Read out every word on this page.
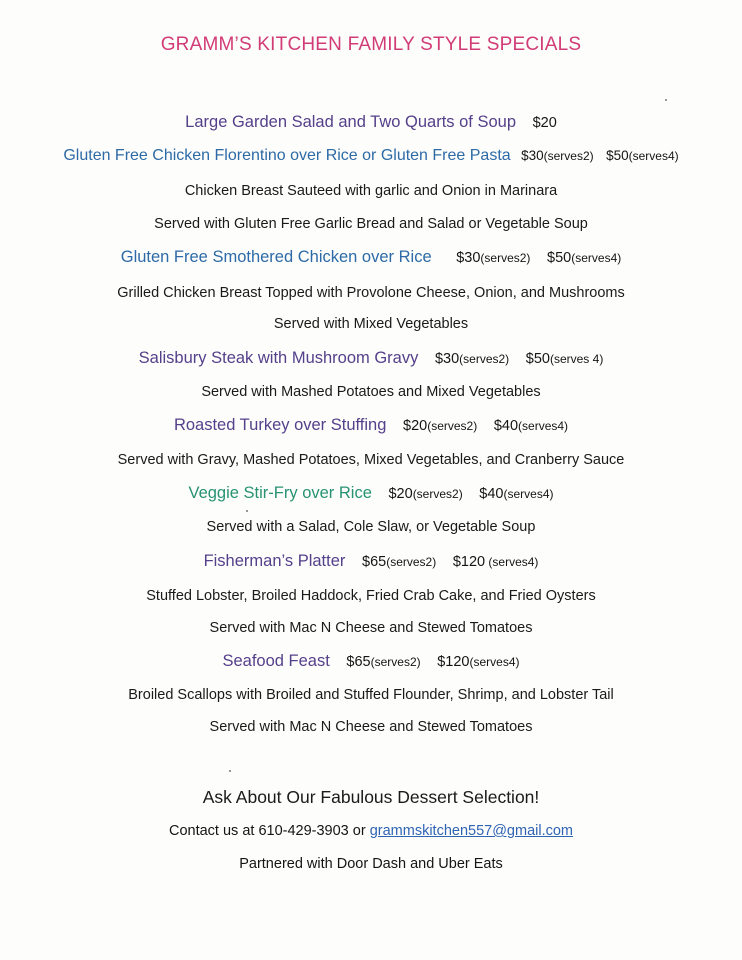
GRAMM’S KITCHEN FAMILY STYLE SPECIALS
Large Garden Salad and Two Quarts of Soup $20
Gluten Free Chicken Florentino over Rice or Gluten Free Pasta $30(serves2) $50(serves4)
Chicken Breast Sauteed with garlic and Onion in Marinara
Served with Gluten Free Garlic Bread and Salad or Vegetable Soup
Gluten Free Smothered Chicken over Rice $30(serves2) $50(serves4)
Grilled Chicken Breast Topped with Provolone Cheese, Onion, and Mushrooms
Served with Mixed Vegetables
Salisbury Steak with Mushroom Gravy $30(serves2) $50(serves 4)
Served with Mashed Potatoes and Mixed Vegetables
Roasted Turkey over Stuffing $20(serves2) $40(serves4)
Served with Gravy, Mashed Potatoes, Mixed Vegetables, and Cranberry Sauce
Veggie Stir-Fry over Rice $20(serves2) $40(serves4)
Served with a Salad, Cole Slaw, or Vegetable Soup
Fisherman’s Platter $65(serves2) $120 (serves4)
Stuffed Lobster, Broiled Haddock, Fried Crab Cake, and Fried Oysters
Served with Mac N Cheese and Stewed Tomatoes
Seafood Feast $65(serves2) $120(serves4)
Broiled Scallops with Broiled and Stuffed Flounder, Shrimp, and Lobster Tail
Served with Mac N Cheese and Stewed Tomatoes
Ask About Our Fabulous Dessert Selection!
Contact us at 610-429-3903 or grammskitchen557@gmail.com
Partnered with Door Dash and Uber Eats
